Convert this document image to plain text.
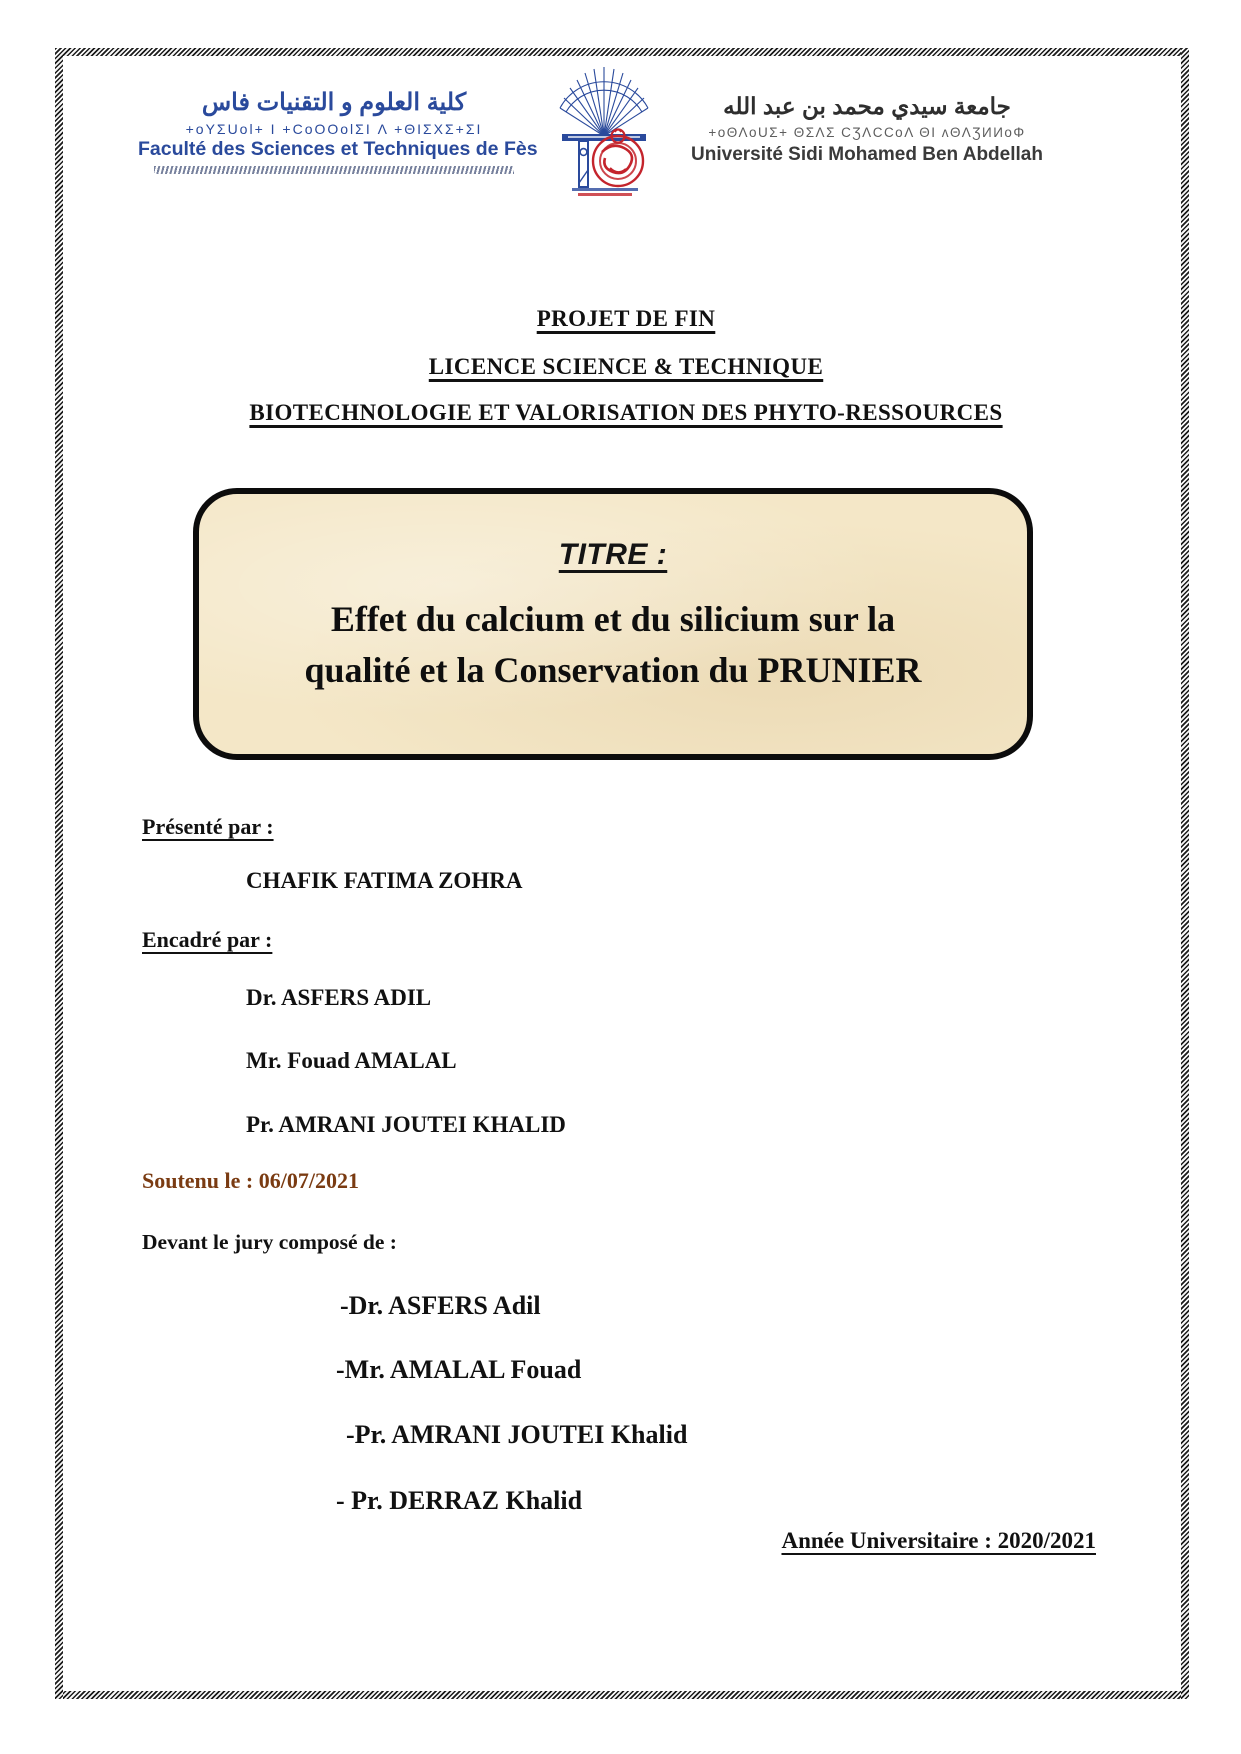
كلية العلوم و التقنيات فاس
+oYΣUol+ I +CoOOolΣI Λ +ΘIΣXΣ+ΣI
Faculté des Sciences et Techniques de Fès
جامعة سيدي محمد بن عبد الله
+oΘΛoUΣ+ ΘΣΛΣ CƷΛCCoΛ ΘI ʌΘΛƷИИoΦ
Université Sidi Mohamed Ben Abdellah
PROJET DE FIN
LICENCE SCIENCE & TECHNIQUE
BIOTECHNOLOGIE ET VALORISATION DES PHYTO-RESSOURCES
TITRE :
Effet du calcium et du silicium sur la
qualité et la Conservation du PRUNIER
Présenté par :
CHAFIK FATIMA ZOHRA
Encadré par :
Dr. ASFERS ADIL
Mr. Fouad AMALAL
Pr. AMRANI JOUTEI KHALID
Soutenu le : 06/07/2021
Devant le jury composé de :
-Dr. ASFERS Adil
-Mr. AMALAL Fouad
-Pr. AMRANI JOUTEI Khalid
- Pr. DERRAZ Khalid
Année Universitaire : 2020/2021
